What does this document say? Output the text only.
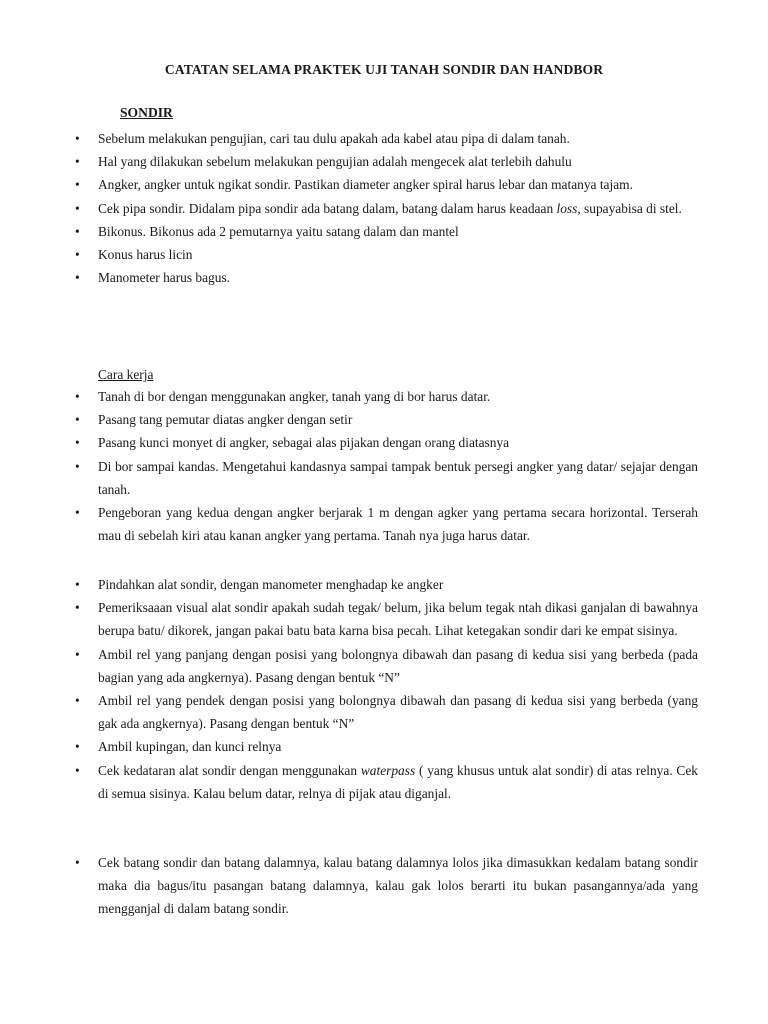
CATATAN SELAMA PRAKTEK UJI TANAH SONDIR DAN HANDBOR
SONDIR
• Sebelum melakukan pengujian, cari tau dulu apakah ada kabel atau pipa di dalam tanah.
• Hal yang dilakukan sebelum melakukan pengujian adalah mengecek alat terlebih dahulu
• Angker, angker untuk ngikat sondir. Pastikan diameter angker spiral harus lebar dan matanya tajam.
• Cek pipa sondir. Didalam pipa sondir ada batang dalam, batang dalam harus keadaan loss, supayabisa di stel.
• Bikonus. Bikonus ada 2 pemutarnya yaitu satang dalam dan mantel
• Konus harus licin
• Manometer harus bagus.
Cara kerja
• Tanah di bor dengan menggunakan angker, tanah yang di bor harus datar.
• Pasang tang pemutar diatas angker dengan setir
• Pasang kunci monyet di angker, sebagai alas pijakan dengan orang diatasnya
• Di bor sampai kandas. Mengetahui kandasnya sampai tampak bentuk persegi angker yang datar/ sejajar dengan tanah.
• Pengeboran yang kedua dengan angker berjarak 1 m dengan agker yang pertama secara horizontal. Terserah mau di sebelah kiri atau kanan angker yang pertama. Tanah nya juga harus datar.
• Pindahkan alat sondir, dengan manometer menghadap ke angker
• Pemeriksaaan visual alat sondir apakah sudah tegak/ belum, jika belum tegak ntah dikasi ganjalan di bawahnya berupa batu/ dikorek, jangan pakai batu bata karna bisa pecah. Lihat ketegakan sondir dari ke empat sisinya.
• Ambil rel yang panjang dengan posisi yang bolongnya dibawah dan pasang di kedua sisi yang berbeda (pada bagian yang ada angkernya). Pasang dengan bentuk “N”
• Ambil rel yang pendek dengan posisi yang bolongnya dibawah dan pasang di kedua sisi yang berbeda (yang gak ada angkernya). Pasang dengan bentuk “N”
• Ambil kupingan, dan kunci relnya
• Cek kedataran alat sondir dengan menggunakan waterpass ( yang khusus untuk alat sondir) di atas relnya. Cek di semua sisinya. Kalau belum datar, relnya di pijak atau diganjal.
• Cek batang sondir dan batang dalamnya, kalau batang dalamnya lolos jika dimasukkan kedalam batang sondir maka dia bagus/itu pasangan batang dalamnya, kalau gak lolos berarti itu bukan pasangannya/ada yang mengganjal di dalam batang sondir.
